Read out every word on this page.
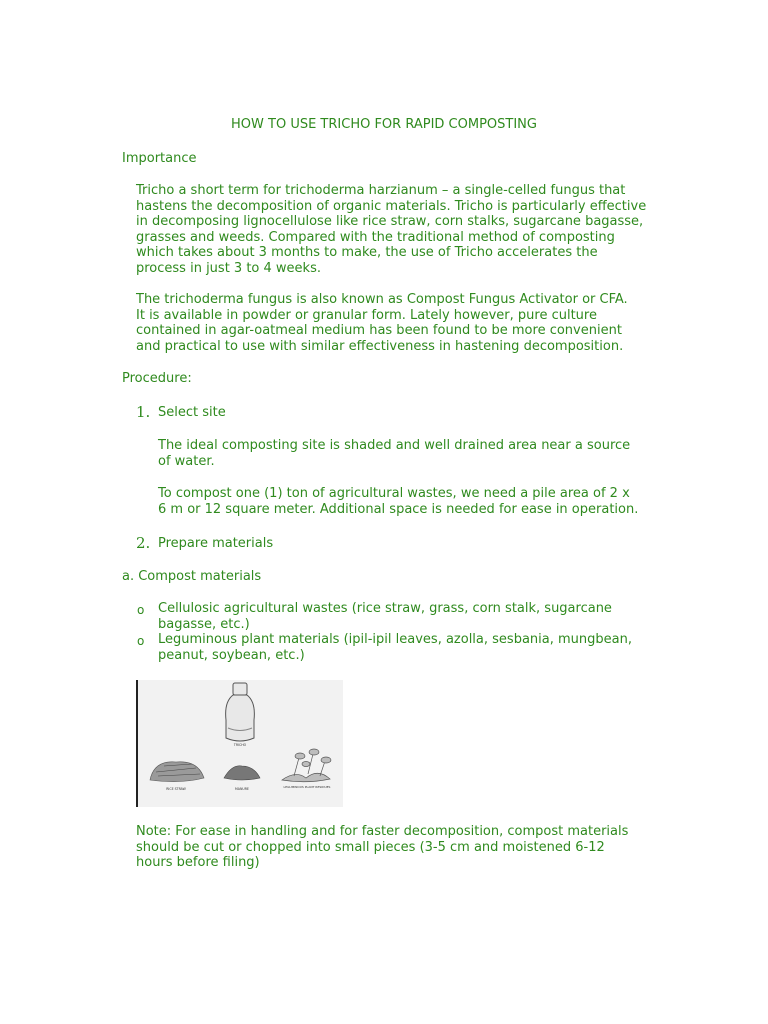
HOW TO USE TRICHO FOR RAPID COMPOSTING
Importance
Tricho a short term for trichoderma harzianum – a single-celled fungus that
hastens the decomposition of organic materials. Tricho is particularly effective
in decomposing lignocellulose like rice straw, corn stalks, sugarcane bagasse,
grasses and weeds. Compared with the traditional method of composting
which takes about 3 months to make, the use of Tricho accelerates the
process in just 3 to 4 weeks.
The trichoderma fungus is also known as Compost Fungus Activator or CFA.
It is available in powder or granular form. Lately however, pure culture
contained in agar-oatmeal medium has been found to be more convenient
and practical to use with similar effectiveness in hastening decomposition.
Procedure:
1. Select site
The ideal composting site is shaded and well drained area near a source
of water.
To compost one (1) ton of agricultural wastes, we need a pile area of 2 x
6 m or 12 square meter. Additional space is needed for ease in operation.
2. Prepare materials
a. Compost materials
o Cellulosic agricultural wastes (rice straw, grass, corn stalk, sugarcane
bagasse, etc.)
o Leguminous plant materials (ipil-ipil leaves, azolla, sesbania, mungbean,
peanut, soybean, etc.)
TRICHO
RICE STRAW	MANURE	LEGUMINOUS PLANT RESIDUES
Note: For ease in handling and for faster decomposition, compost materials
should be cut or chopped into small pieces (3-5 cm and moistened 6-12
hours before filing)
